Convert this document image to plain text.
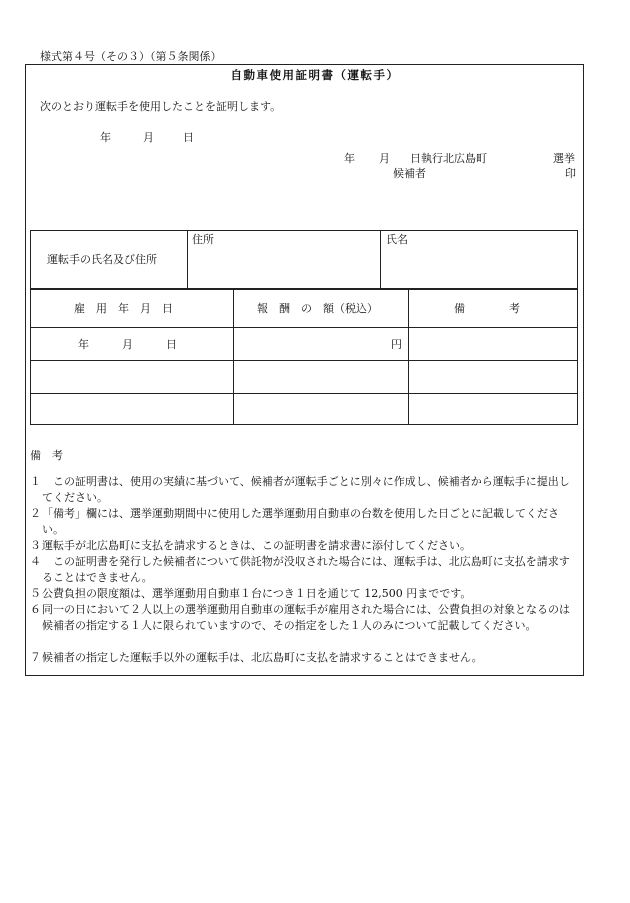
様式第４号（その３）（第５条関係）
自動車使用証明書（運転手）
次のとおり運転手を使用したことを証明します。
年	月	日
年 月 日執行北広島町	選挙
候補者	印
運転手の氏名及び住所
住所	氏名
雇　用　年　月　日	報　酬　の　額（税込）	備　　　　考
年　　　月　　　日	円
備　考
１ 　この証明書は、使用の実績に基づいて、候補者が運転手ごとに別々に作成し、候補者から運転手に提出してください。
２ 「備考」欄には、選挙運動期間中に使用した選挙運動用自動車の台数を使用した日ごとに記載してください。
３ 運転手が北広島町に支払を請求するときは、この証明書を請求書に添付してください。
４ 　この証明書を発行した候補者について供託物が没収された場合には、運転手は、北広島町に支払を請求することはできません。
５ 公費負担の限度額は、選挙運動用自動車１台につき１日を通じて 12,500 円までです。
６ 同一の日において２人以上の選挙運動用自動車の運転手が雇用された場合には、公費負担の対象となるのは候補者の指定する１人に限られていますので、その指定をした１人のみについて記載してください。
７ 候補者の指定した運転手以外の運転手は、北広島町に支払を請求することはできません。
